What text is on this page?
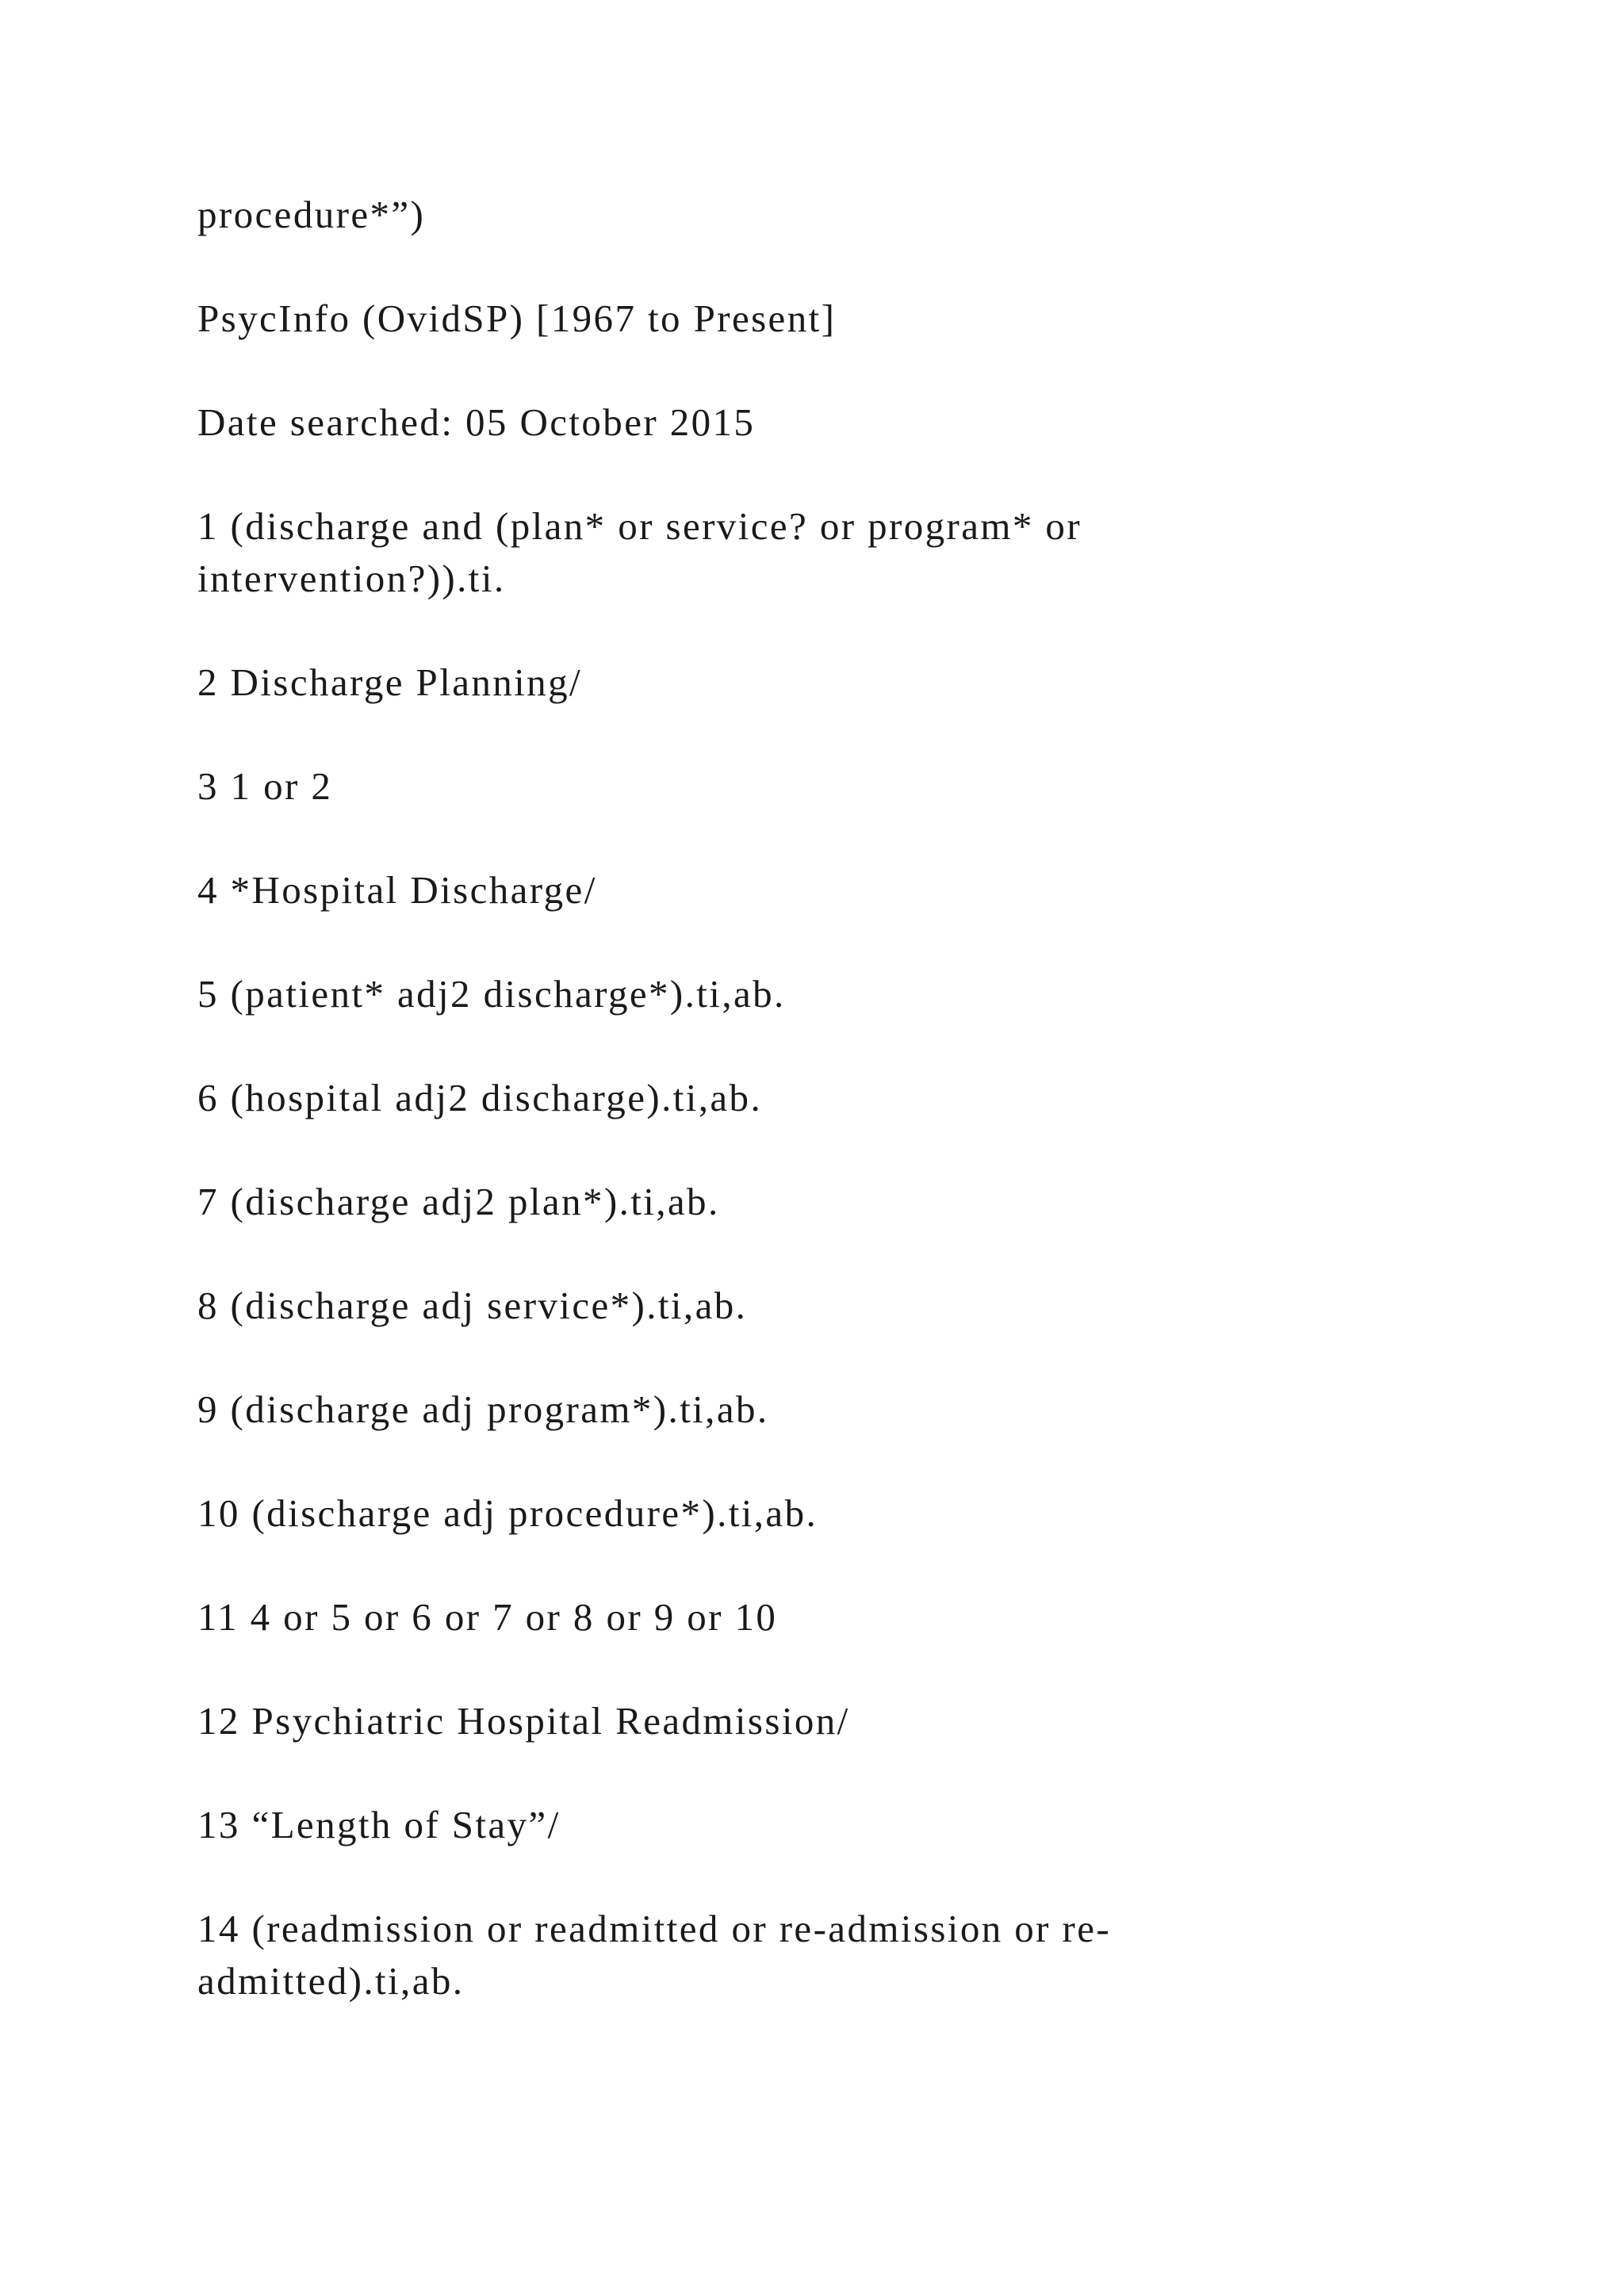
procedure*”)

PsycInfo (OvidSP) [1967 to Present]

Date searched: 05 October 2015

1 (discharge and (plan* or service? or program* or intervention?)).ti.

2 Discharge Planning/

3 1 or 2

4 *Hospital Discharge/

5 (patient* adj2 discharge*).ti,ab.

6 (hospital adj2 discharge).ti,ab.

7 (discharge adj2 plan*).ti,ab.

8 (discharge adj service*).ti,ab.

9 (discharge adj program*).ti,ab.

10 (discharge adj procedure*).ti,ab.

11 4 or 5 or 6 or 7 or 8 or 9 or 10

12 Psychiatric Hospital Readmission/

13 “Length of Stay”/

14 (readmission or readmitted or re-admission or re-admitted).ti,ab.
